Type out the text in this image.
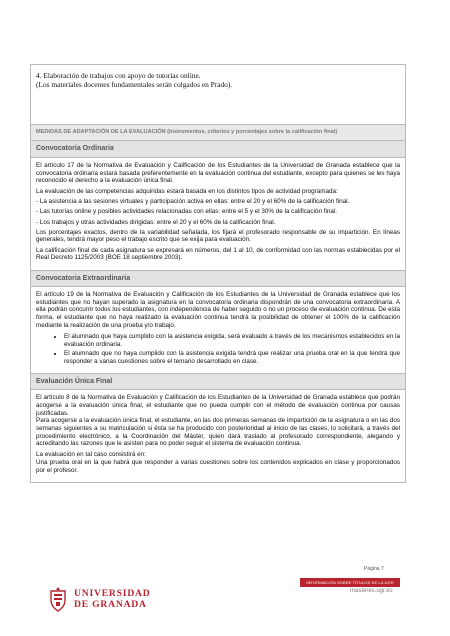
4. Elaboración de trabajos con apoyo de tutorías online.
(Los materiales docentes fundamentales serán colgados en Prado).
MEDIDAS DE ADAPTACIÓN DE LA EVALUACIÓN (Instrumentos, criterios y porcentajes sobre la calificación final)
Convocatoria Ordinaria

El artículo 17 de la Normativa de Evaluación y Calificación de los Estudiantes de la Universidad de Granada establece que la convocatoria ordinaria estará basada preferentemente en la evaluación continua del estudiante, excepto para quienes se les haya reconocido el derecho a la evaluación única final.

La evaluación de las competencias adquiridas estará basada en los distintos tipos de actividad programada:

- La asistencia a las sesiones virtuales y participación activa en ellas: entre el 20 y el 60% de la calificación final.

- Las tutorías online y posibles actividades relacionadas con ellas: entre el 5 y el 30% de la calificación final.

- Los trabajos y otras actividades dirigidas: entre el 20 y el 60% de la calificación final.

Los porcentajes exactos, dentro de la variabilidad señalada, los fijará el profesorado responsable de su impartición. En líneas generales, tendrá mayor peso el trabajo escrito que se exija para evaluación.

La calificación final de cada asignatura se expresará en números, del 1 al 10, de conformidad con las normas establecidas por el Real Decreto 1125/2003 (BOE 18 septiembre 2003).

Convocatoria Extraordinaria

El artículo 19 de la Normativa de Evaluación y Calificación de los Estudiantes de la Universidad de Granada establece que los estudiantes que no hayan superado la asignatura en la convocatoria ordinaria dispondrán de una convocatoria extraordinaria. A ella podrán concurrir todos los estudiantes, con independencia de haber seguido o no un proceso de evaluación continua. De esta forma, el estudiante que no haya realizado la evaluación continua tendrá la posibilidad de obtener el 100% de la calificación mediante la realización de una prueba y/o trabajo.

• El alumnado que haya cumplido con la asistencia exigida, será evaluado a través de los mecanismos establecidos en la evaluación ordinaria.
• El alumnado que no haya cumplido con la asistencia exigida tendrá que realizar una prueba oral en la que tendrá que responder a varias cuestiones sobre el temario desarrollado en clase.
Evaluación Única Final

El artículo 8 de la Normativa de Evaluación y Calificación de los Estudiantes de la Universidad de Granada establece que podrán acogerse a la evaluación única final, el estudiante que no pueda cumplir con el método de evaluación continua por causas justificadas.

Para acogerse a la evaluación única final, el estudiante, en las dos primeras semanas de impartición de la asignatura o en las dos semanas siguientes a su matriculación si ésta se ha producido con posterioridad al inicio de las clases, lo solicitará, a través del procedimiento electrónico, a la Coordinación del Máster, quien dará traslado al profesorado correspondiente, alegando y acreditando las razones que le asisten para no poder seguir el sistema de evaluación continua.

La evaluación en tal caso consistirá en:

Una prueba oral en la que habrá que responder a varias cuestiones sobre los contenidos explicados en clase y proporcionados por el profesor.

Página 7
UNIVERSIDAD
DE GRANADA
INFORMACIÓN SOBRE TÍTULOS DE LA UGR
masteres.ugr.es
